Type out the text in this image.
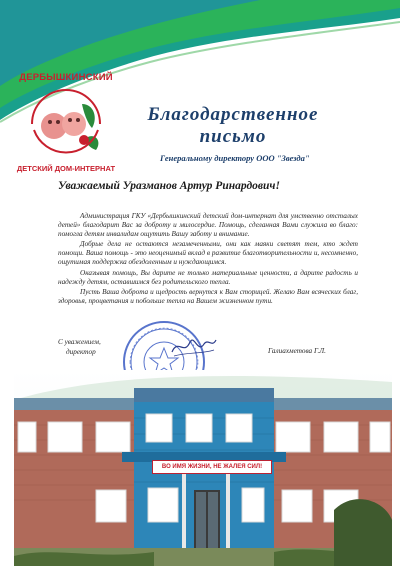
ДЕРБЫШКИНСКИЙ
ДЕТСКИЙ ДОМ-ИНТЕРНАТ
Благодарственное
письмо
Генеральному директору ООО "Звезда"
Уважаемый Уразманов Артур Ринардович!

Администрация ГКУ «Дербышкинский детский дом-интернат для умственно отсталых детей» благодарит Вас за доброту и милосердие. Помощь, сделанная Вами служила во благо: помогла детям инвалидам ощутить Вашу заботу и внимание.

Добрые дела не остаются незамеченными, они как маяки светят тем, кто ждет помощи. Ваша помощь - это неоценимый вклад в развитие благотворительности и, несомненно, ощутимая поддержка обездоленным и нуждающимся.

Оказывая помощь, Вы дарите не только материальные ценности, а дарите радость и надежду детям, оставшимся без родительского тепла.

Пусть Ваша доброта и щедрость вернутся к Вам сторицей. Желаю Вам всяческих благ, здоровья, процветания и побольше тепла на Вашем жизненном пути.

С уважением,
директор	Галиахметова Г.Л.
ВО ИМЯ ЖИЗНИ, НЕ ЖАЛЕЯ СИЛ!
